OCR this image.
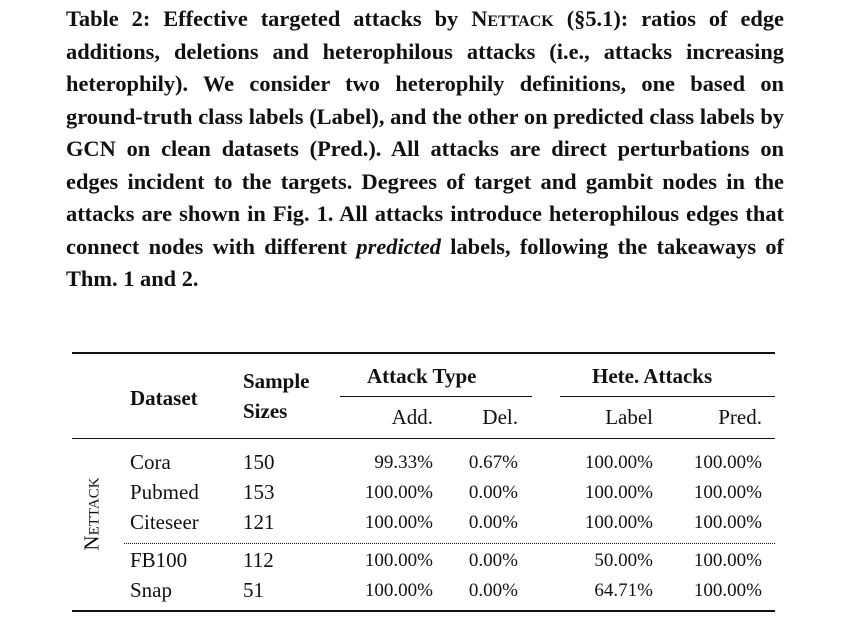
Table 2: Effective targeted attacks by Nettack (§5.1): ratios of edge additions, deletions and heterophilous attacks (i.e., attacks increasing heterophily). We consider two heterophily definitions, one based on ground-truth class labels (Label), and the other on predicted class labels by GCN on clean datasets (Pred.). All attacks are direct perturbations on edges incident to the targets. Degrees of target and gambit nodes in the attacks are shown in Fig. 1. All attacks introduce heterophilous edges that connect nodes with different predicted labels, following the takeaways of Thm. 1 and 2.

Dataset
Sample
Sizes
Attack Type	Hete. Attacks
Add.	Del.	Label	Pred.
Nettack
Cora	150	99.33%	0.67%	100.00%	100.00%
Pubmed 153	100.00%	0.00%	100.00%	100.00%
Citeseer 121	100.00%	0.00%	100.00%	100.00%
FB100	112	100.00%	0.00%	50.00%	100.00%
Snap	51	100.00%	0.00%	64.71%	100.00%
